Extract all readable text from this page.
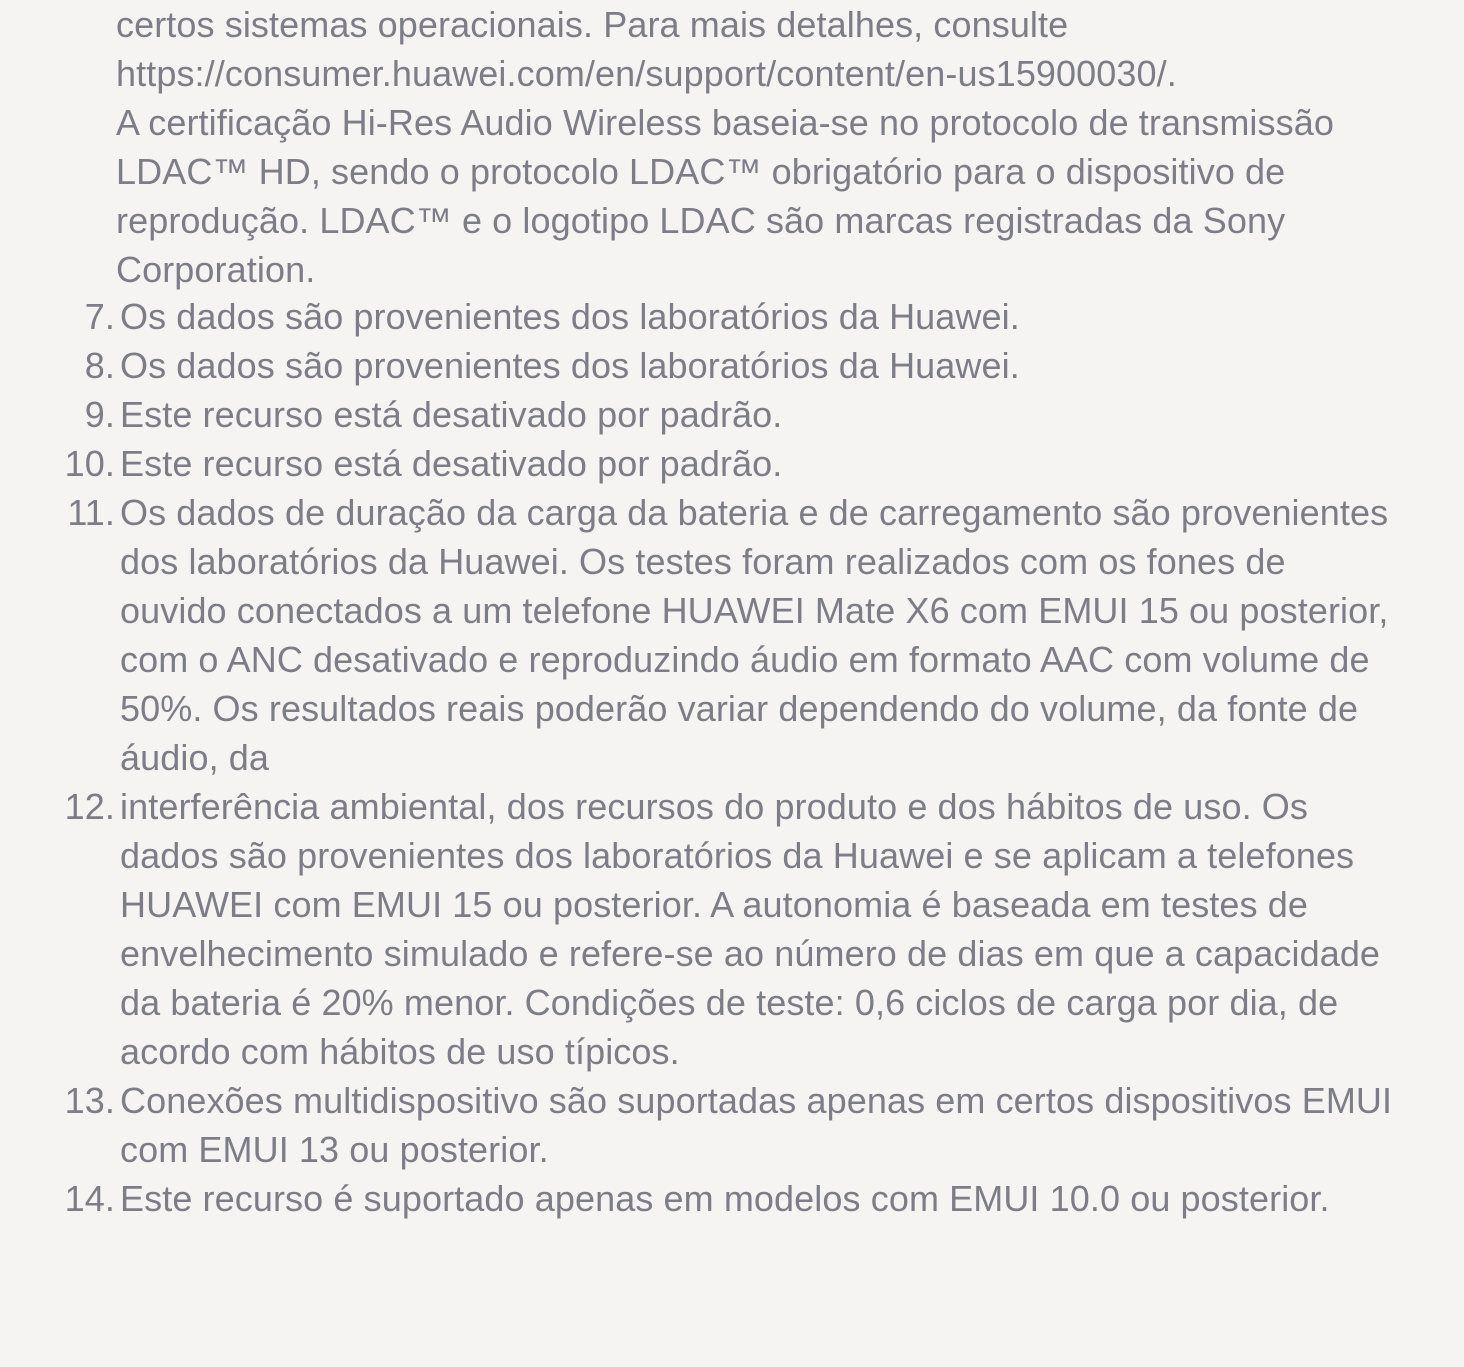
certos sistemas operacionais. Para mais detalhes, consulte https://consumer.huawei.com/en/support/content/en-us15900030/.

A certificação Hi-Res Audio Wireless baseia-se no protocolo de transmissão LDAC™ HD, sendo o protocolo LDAC™ obrigatório para o dispositivo de reprodução. LDAC™ e o logotipo LDAC são marcas registradas da Sony Corporation.

7. Os dados são provenientes dos laboratórios da Huawei.
8. Os dados são provenientes dos laboratórios da Huawei.
9. Este recurso está desativado por padrão.
10. Este recurso está desativado por padrão.
11. Os dados de duração da carga da bateria e de carregamento são provenientes dos laboratórios da Huawei. Os testes foram realizados com os fones de ouvido conectados a um telefone HUAWEI Mate X6 com EMUI 15 ou posterior, com o ANC desativado e reproduzindo áudio em formato AAC com volume de 50%. Os resultados reais poderão variar dependendo do volume, da fonte de áudio, da
12. interferência ambiental, dos recursos do produto e dos hábitos de uso. Os dados são provenientes dos laboratórios da Huawei e se aplicam a telefones HUAWEI com EMUI 15 ou posterior. A autonomia é baseada em testes de envelhecimento simulado e refere-se ao número de dias em que a capacidade da bateria é 20% menor. Condições de teste: 0,6 ciclos de carga por dia, de acordo com hábitos de uso típicos.
13. Conexões multidispositivo são suportadas apenas em certos dispositivos EMUI com EMUI 13 ou posterior.
14. Este recurso é suportado apenas em modelos com EMUI 10.0 ou posterior.
